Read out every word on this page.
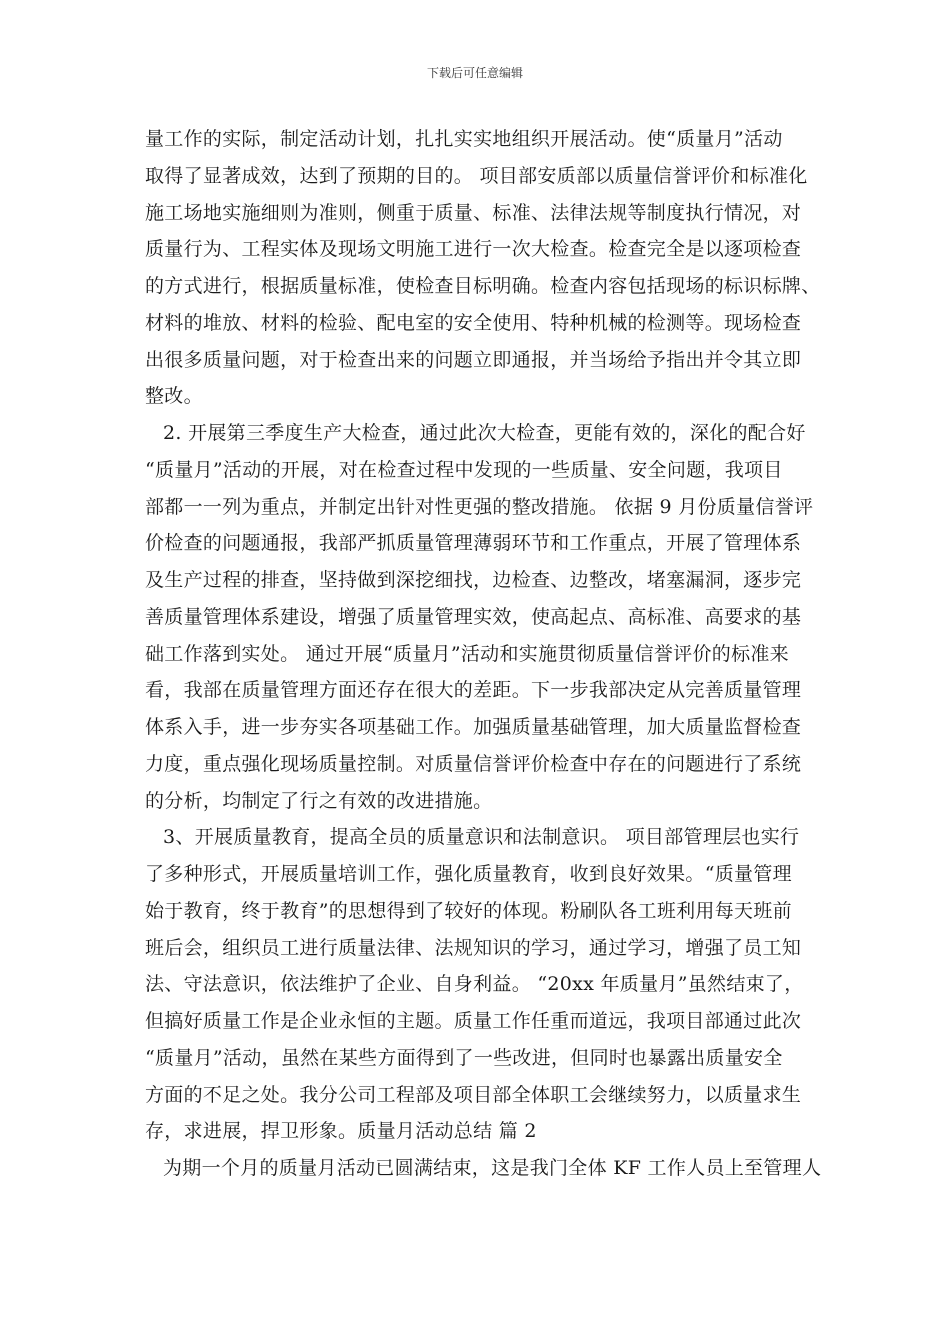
下载后可任意编辑
量工作的实际，制定活动计划，扎扎实实地组织开展活动。使“质量月”活动
取得了显著成效，达到了预期的目的。 项目部安质部以质量信誉评价和标准化
施工场地实施细则为准则，侧重于质量、标准、法律法规等制度执行情况，对
质量行为、工程实体及现场文明施工进行一次大检查。检查完全是以逐项检查
的方式进行，根据质量标准，使检查目标明确。检查内容包括现场的标识标牌、
材料的堆放、材料的检验、配电室的安全使用、特种机械的检测等。现场检查
出很多质量问题，对于检查出来的问题立即通报，并当场给予指出并令其立即
整改。
2. 开展第三季度生产大检查，通过此次大检查，更能有效的，深化的配合好
“质量月”活动的开展，对在检查过程中发现的一些质量、安全问题，我项目
部都一一列为重点，并制定出针对性更强的整改措施。 依据 9 月份质量信誉评
价检查的问题通报，我部严抓质量管理薄弱环节和工作重点，开展了管理体系
及生产过程的排查，坚持做到深挖细找，边检查、边整改，堵塞漏洞，逐步完
善质量管理体系建设，增强了质量管理实效，使高起点、高标准、高要求的基
础工作落到实处。 通过开展“质量月”活动和实施贯彻质量信誉评价的标准来
看，我部在质量管理方面还存在很大的差距。下一步我部决定从完善质量管理
体系入手，进一步夯实各项基础工作。加强质量基础管理，加大质量监督检查
力度，重点强化现场质量控制。对质量信誉评价检查中存在的问题进行了系统
的分析，均制定了行之有效的改进措施。
3、开展质量教育，提高全员的质量意识和法制意识。 项目部管理层也实行
了多种形式，开展质量培训工作，强化质量教育，收到良好效果。“质量管理
始于教育，终于教育”的思想得到了较好的体现。粉刷队各工班利用每天班前
班后会，组织员工进行质量法律、法规知识的学习，通过学习，增强了员工知
法、守法意识，依法维护了企业、自身利益。 “20xx 年质量月”虽然结束了，
但搞好质量工作是企业永恒的主题。质量工作任重而道远，我项目部通过此次
“质量月”活动，虽然在某些方面得到了一些改进，但同时也暴露出质量安全
方面的不足之处。我分公司工程部及项目部全体职工会继续努力，以质量求生
存，求进展，捍卫形象。质量月活动总结 篇 2
为期一个月的质量月活动已圆满结束，这是我门全体 KF 工作人员上至管理人
